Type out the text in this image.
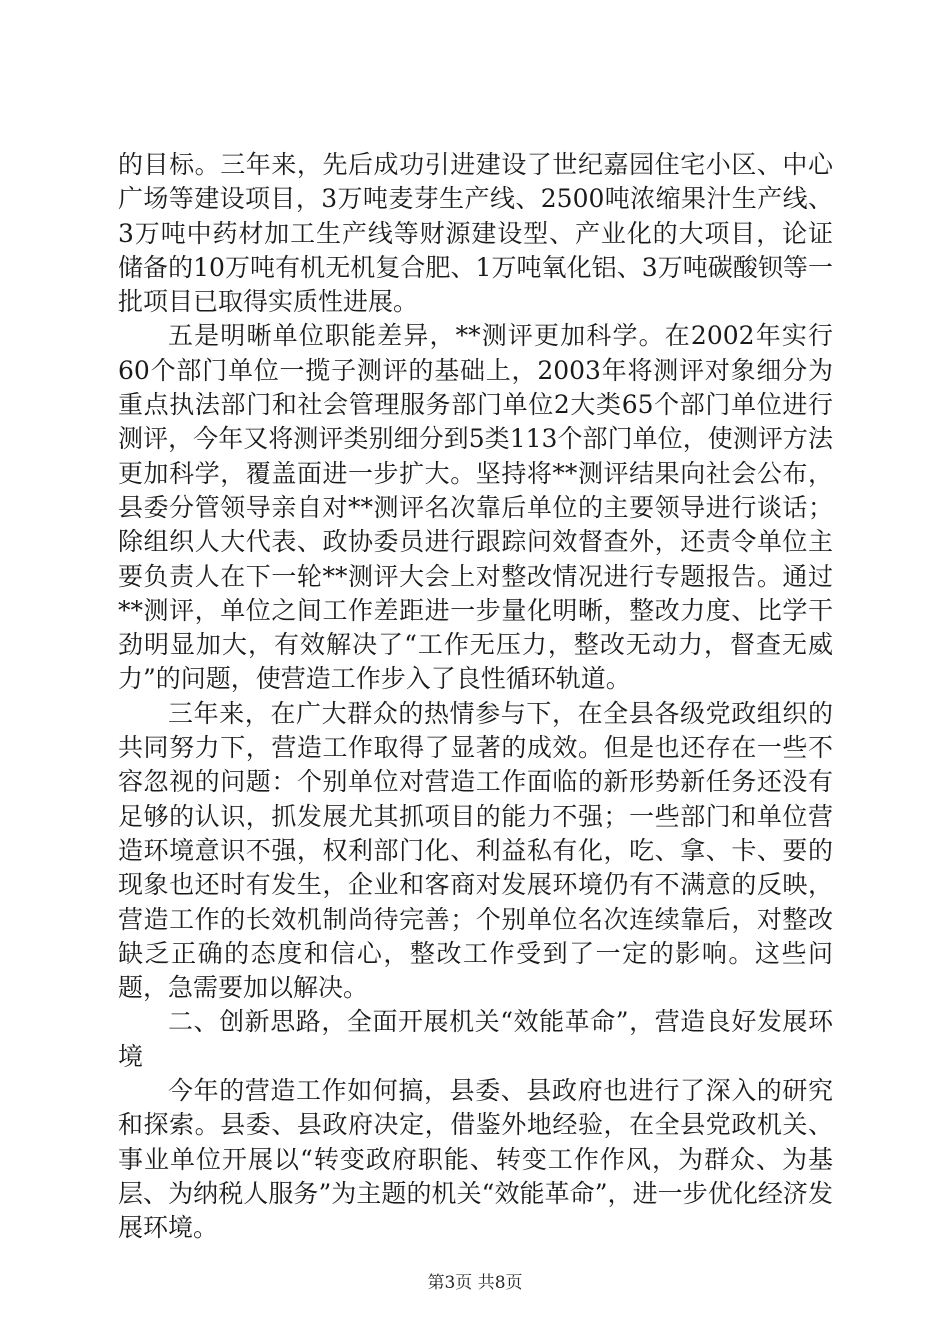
的目标。三年来，先后成功引进建设了世纪嘉园住宅小区、中心广场等建设项目，3万吨麦芽生产线、2500吨浓缩果汁生产线、3万吨中药材加工生产线等财源建设型、产业化的大项目，论证储备的10万吨有机无机复合肥、1万吨氧化铝、3万吨碳酸钡等一批项目已取得实质性进展。

五是明晰单位职能差异，**测评更加科学。在2002年实行60个部门单位一揽子测评的基础上，2003年将测评对象细分为重点执法部门和社会管理服务部门单位2大类65个部门单位进行测评，今年又将测评类别细分到5类113个部门单位，使测评方法更加科学，覆盖面进一步扩大。坚持将**测评结果向社会公布，县委分管领导亲自对**测评名次靠后单位的主要领导进行谈话；除组织人大代表、政协委员进行跟踪问效督查外，还责令单位主要负责人在下一轮**测评大会上对整改情况进行专题报告。通过**测评，单位之间工作差距进一步量化明晰，整改力度、比学干劲明显加大，有效解决了“工作无压力，整改无动力，督查无威力”的问题，使营造工作步入了良性循环轨道。

三年来，在广大群众的热情参与下，在全县各级党政组织的共同努力下，营造工作取得了显著的成效。但是也还存在一些不容忽视的问题：个别单位对营造工作面临的新形势新任务还没有足够的认识，抓发展尤其抓项目的能力不强；一些部门和单位营造环境意识不强，权利部门化、利益私有化，吃、拿、卡、要的现象也还时有发生，企业和客商对发展环境仍有不满意的反映，营造工作的长效机制尚待完善；个别单位名次连续靠后，对整改缺乏正确的态度和信心，整改工作受到了一定的影响。这些问题，急需要加以解决。

二、创新思路，全面开展机关“效能革命”，营造良好发展环境

今年的营造工作如何搞，县委、县政府也进行了深入的研究和探索。县委、县政府决定，借鉴外地经验，在全县党政机关、事业单位开展以“转变政府职能、转变工作作风，为群众、为基层、为纳税人服务”为主题的机关“效能革命”，进一步优化经济发展环境。

第3页 共8页
